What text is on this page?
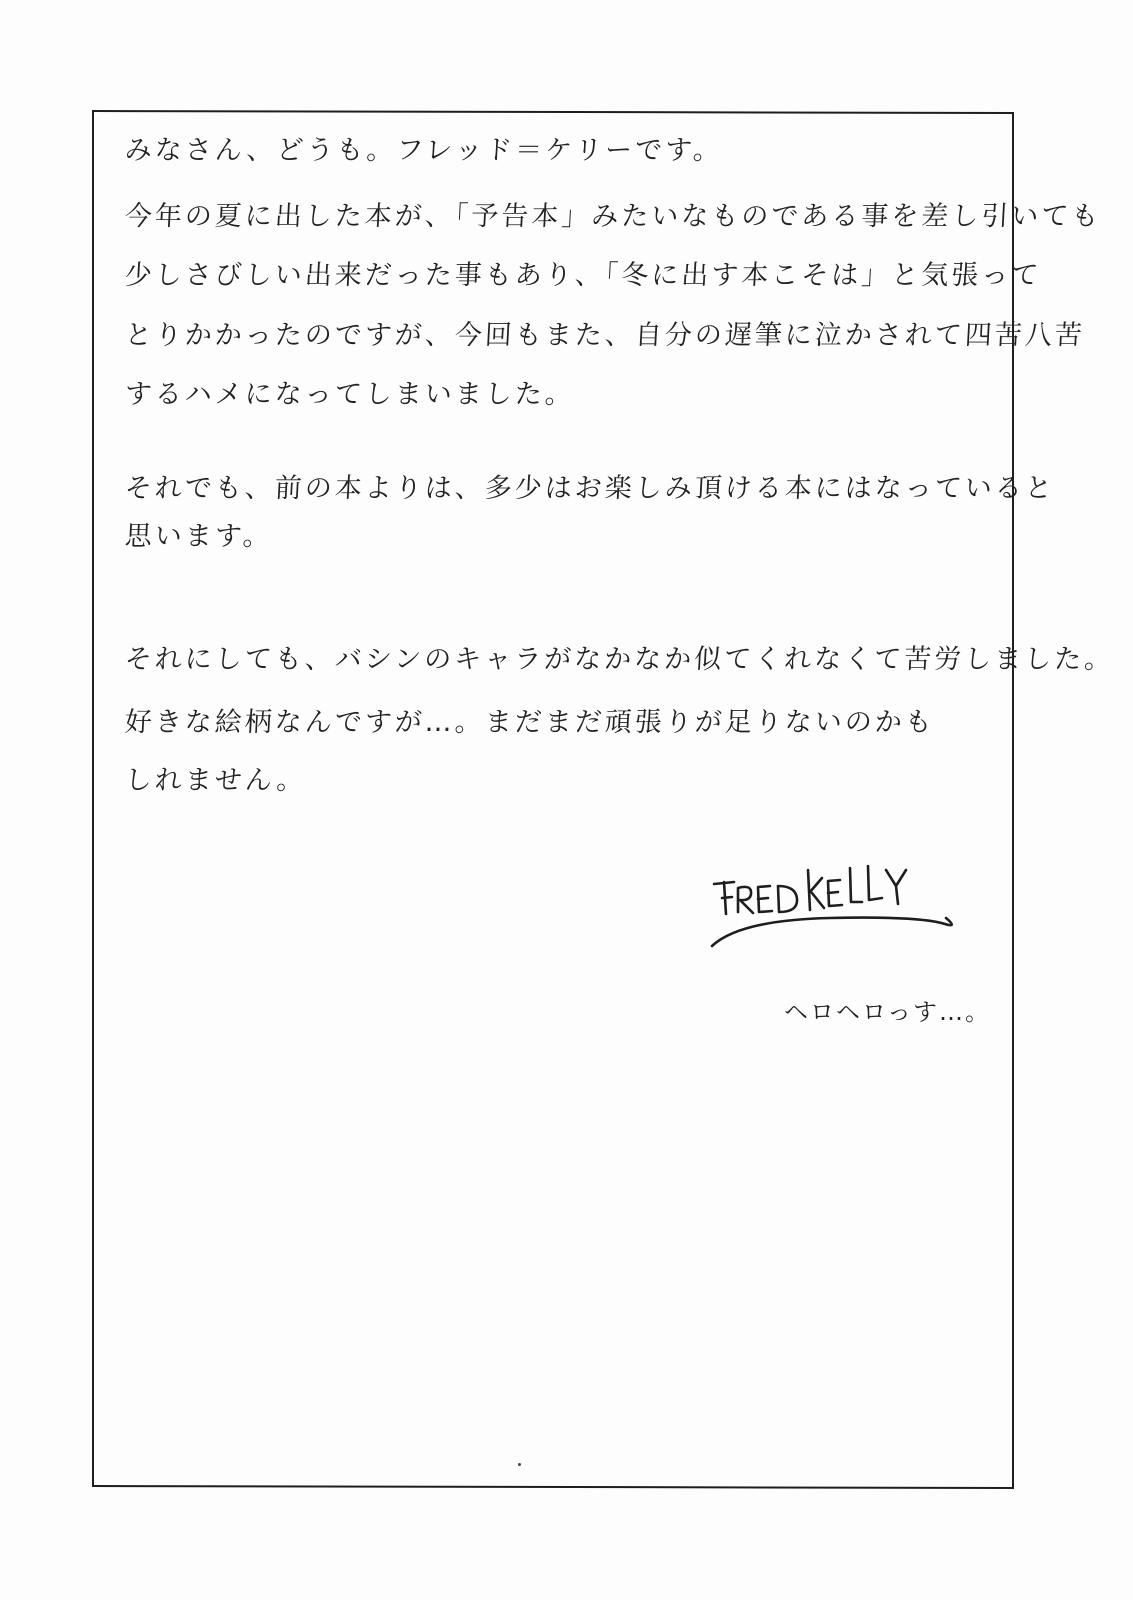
みなさん、どうも。フレッド＝ケリーです。
今年の夏に出した本が、「予告本」みたいなものである事を差し引いても
少しさびしい出来だった事もあり、「冬に出す本こそは」と気張って
とりかかったのですが、今回もまた、自分の遅筆に泣かされて四苦八苦
するハメになってしまいました。
それでも、前の本よりは、多少はお楽しみ頂ける本にはなっていると
思います。
それにしても、バシンのキャラがなかなか似てくれなくて苦労しました。
好きな絵柄なんですが…。まだまだ頑張りが足りないのかも
しれません。
ヘロヘロっす…。
